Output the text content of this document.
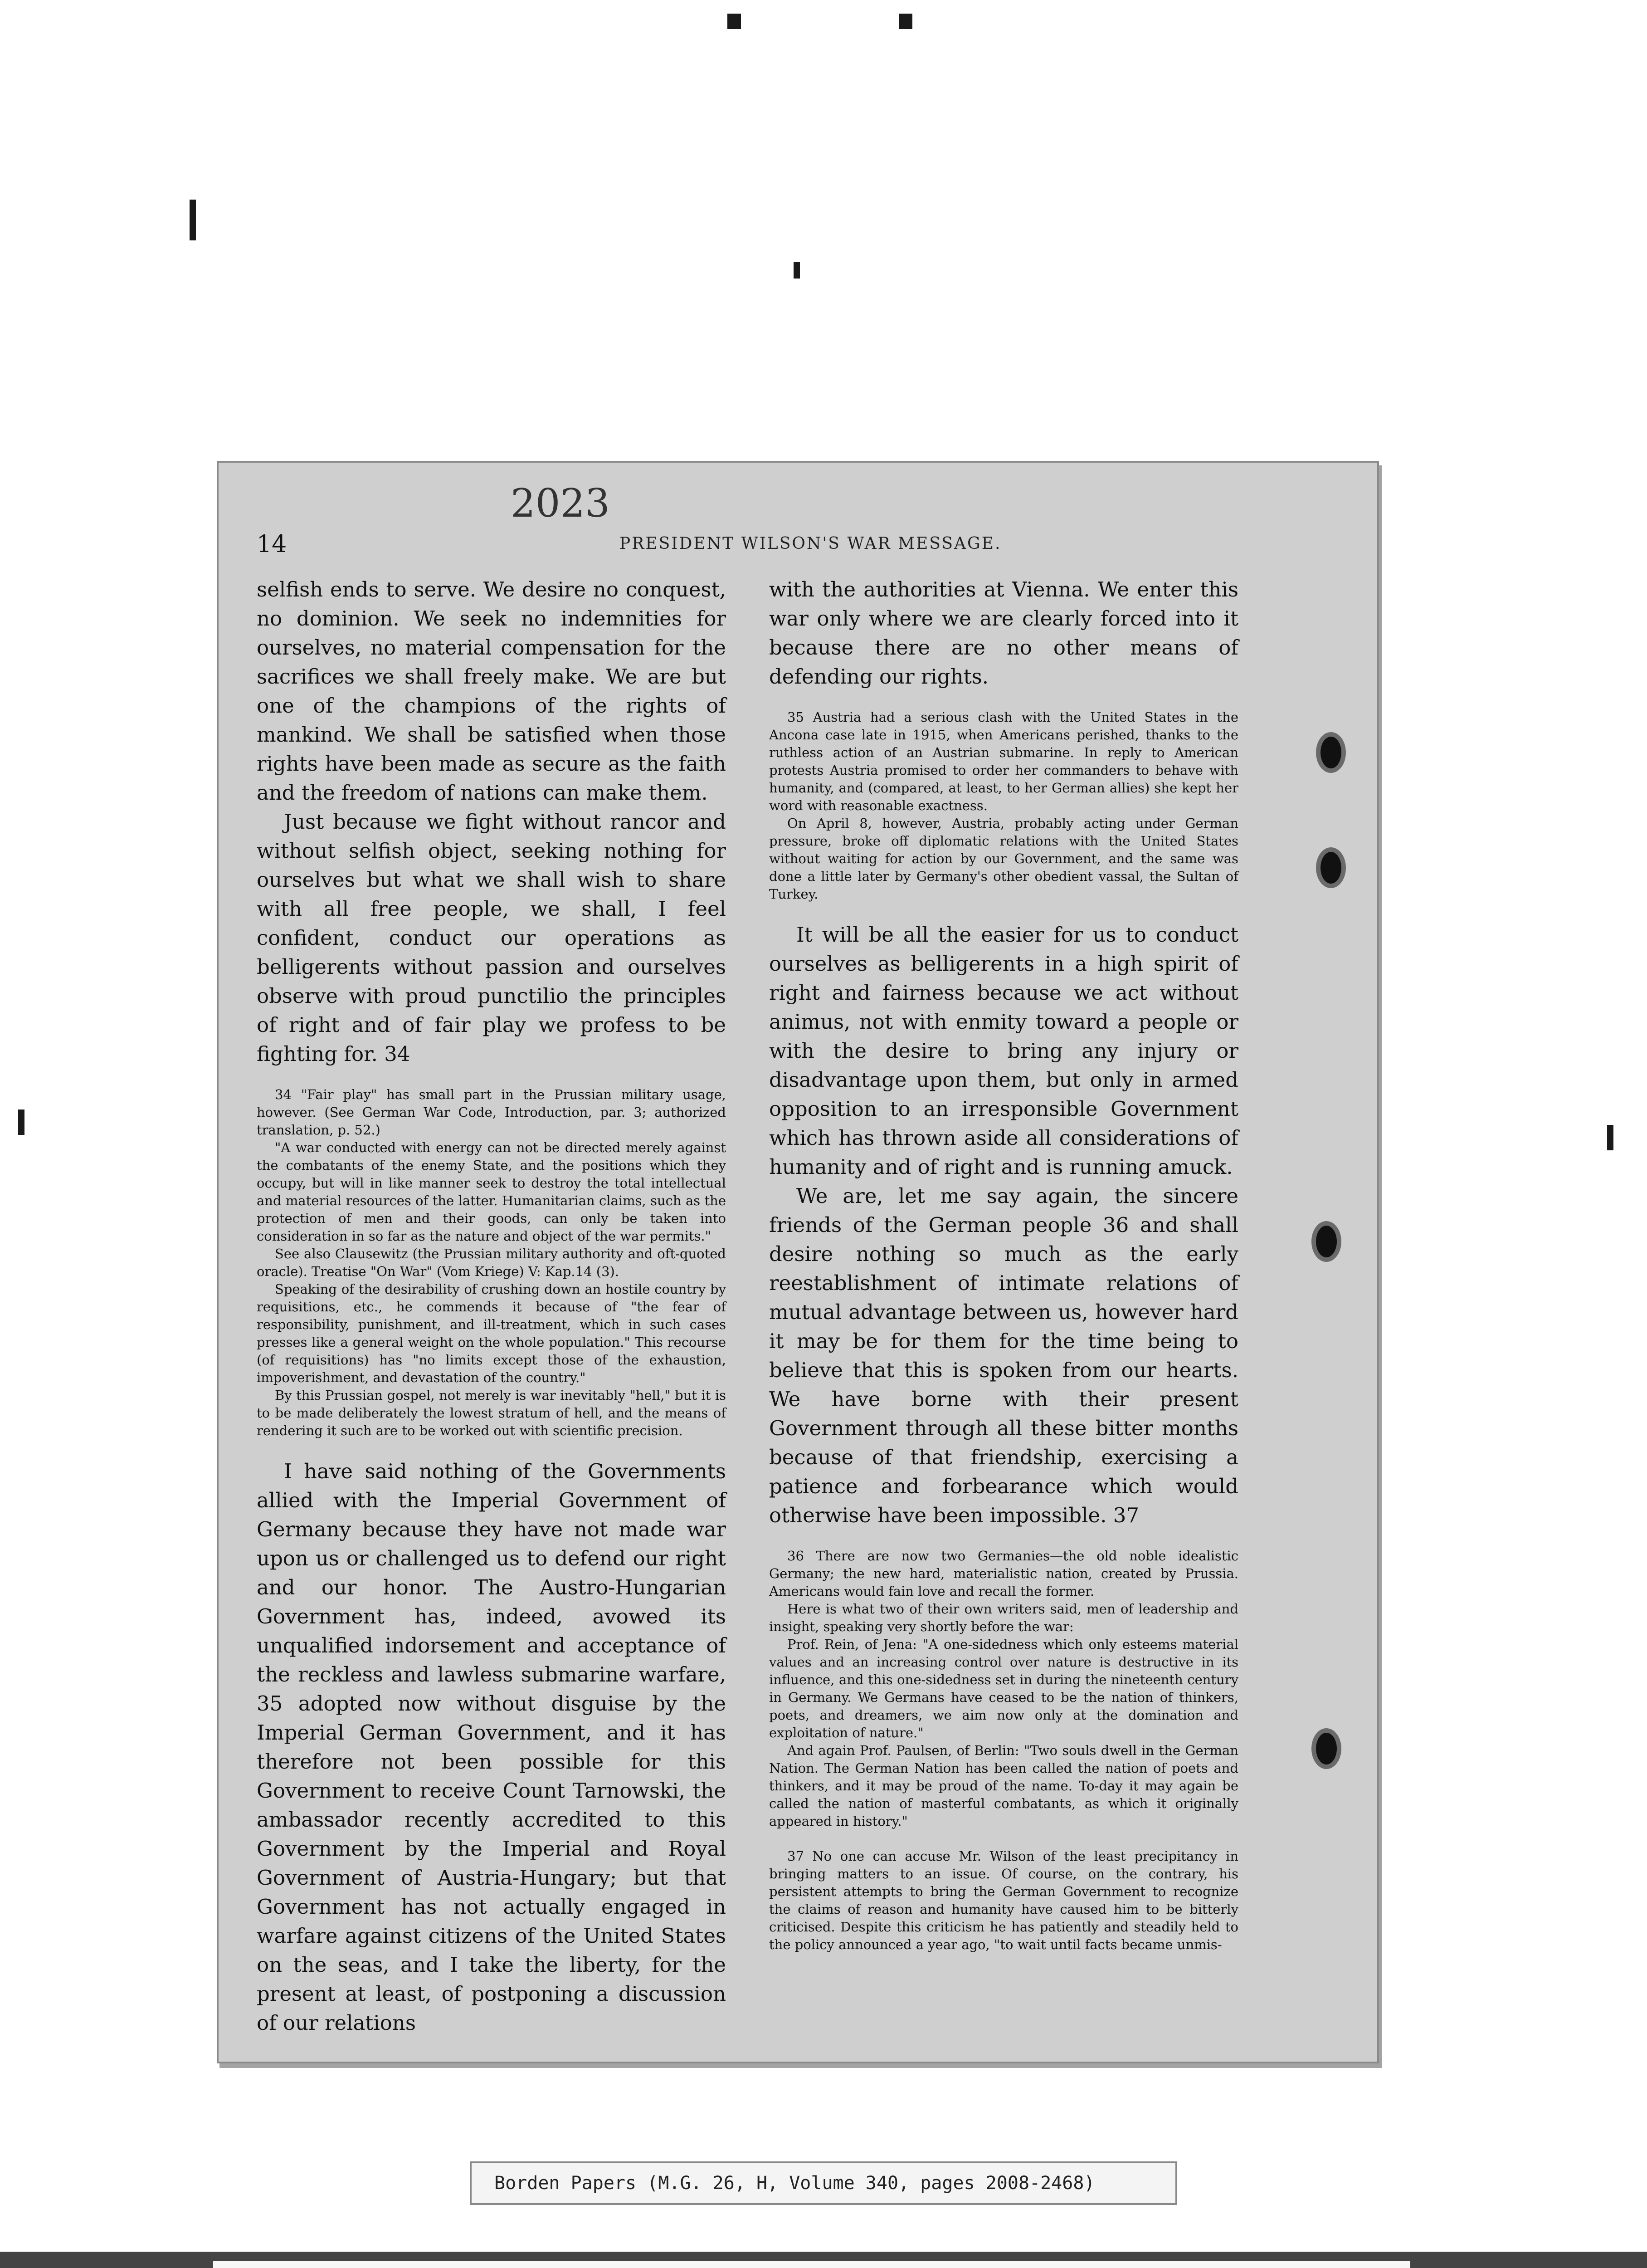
2023
14	PRESIDENT WILSON'S WAR MESSAGE.

selfish ends to serve. We desire no conquest, no dominion. We seek no indemnities for ourselves, no material compensation for the sacrifices we shall freely make. We are but one of the champions of the rights of mankind. We shall be satisfied when those rights have been made as secure as the faith and the freedom of nations can make them.

Just because we fight without rancor and without selfish object, seeking nothing for ourselves but what we shall wish to share with all free people, we shall, I feel confident, conduct our operations as belligerents without passion and ourselves observe with proud punctilio the principles of right and of fair play we profess to be fighting for. 34

34 "Fair play" has small part in the Prussian military usage, however. (See German War Code, Introduction, par. 3; authorized translation, p. 52.)

"A war conducted with energy can not be directed merely against the combatants of the enemy State, and the positions which they occupy, but will in like manner seek to destroy the total intellectual and material resources of the latter. Humanitarian claims, such as the protection of men and their goods, can only be taken into consideration in so far as the nature and object of the war permits."

See also Clausewitz (the Prussian military authority and oft-quoted oracle). Treatise "On War" (Vom Kriege) V: Kap.14 (3).

Speaking of the desirability of crushing down an hostile country by requisitions, etc., he commends it because of "the fear of responsibility, punishment, and ill-treatment, which in such cases presses like a general weight on the whole population." This recourse (of requisitions) has "no limits except those of the exhaustion, impoverishment, and devastation of the country."

By this Prussian gospel, not merely is war inevitably "hell," but it is to be made deliberately the lowest stratum of hell, and the means of rendering it such are to be worked out with scientific precision.

I have said nothing of the Governments allied with the Imperial Government of Germany because they have not made war upon us or challenged us to defend our right and our honor. The Austro-Hungarian Government has, indeed, avowed its unqualified indorsement and acceptance of the reckless and lawless submarine warfare, 35 adopted now without disguise by the Imperial German Government, and it has therefore not been possible for this Government to receive Count Tarnowski, the ambassador recently accredited to this Government by the Imperial and Royal Government of Austria-Hungary; but that Government has not actually engaged in warfare against citizens of the United States on the seas, and I take the liberty, for the present at least, of postponing a discussion of our relations

with the authorities at Vienna. We enter this war only where we are clearly forced into it because there are no other means of defending our rights.

35 Austria had a serious clash with the United States in the Ancona case late in 1915, when Americans perished, thanks to the ruthless action of an Austrian submarine. In reply to American protests Austria promised to order her commanders to behave with humanity, and (compared, at least, to her German allies) she kept her word with reasonable exactness.

On April 8, however, Austria, probably acting under German pressure, broke off diplomatic relations with the United States without waiting for action by our Government, and the same was done a little later by Germany's other obedient vassal, the Sultan of Turkey.

It will be all the easier for us to conduct ourselves as belligerents in a high spirit of right and fairness because we act without animus, not with enmity toward a people or with the desire to bring any injury or disadvantage upon them, but only in armed opposition to an irresponsible Government which has thrown aside all considerations of humanity and of right and is running amuck.

We are, let me say again, the sincere friends of the German people 36 and shall desire nothing so much as the early reestablishment of intimate relations of mutual advantage between us, however hard it may be for them for the time being to believe that this is spoken from our hearts. We have borne with their present Government through all these bitter months because of that friendship, exercising a patience and forbearance which would otherwise have been impossible. 37

36 There are now two Germanies—the old noble idealistic Germany; the new hard, materialistic nation, created by Prussia. Americans would fain love and recall the former.

Here is what two of their own writers said, men of leadership and insight, speaking very shortly before the war:

Prof. Rein, of Jena: "A one-sidedness which only esteems material values and an increasing control over nature is destructive in its influence, and this one-sidedness set in during the nineteenth century in Germany. We Germans have ceased to be the nation of thinkers, poets, and dreamers, we aim now only at the domination and exploitation of nature."

And again Prof. Paulsen, of Berlin: "Two souls dwell in the German Nation. The German Nation has been called the nation of poets and thinkers, and it may be proud of the name. To-day it may again be called the nation of masterful combatants, as which it originally appeared in history."

37 No one can accuse Mr. Wilson of the least precipitancy in bringing matters to an issue. Of course, on the contrary, his persistent attempts to bring the German Government to recognize the claims of reason and humanity have caused him to be bitterly criticised. Despite this criticism he has patiently and steadily held to the policy announced a year ago, "to wait until facts became unmis-

Borden Papers (M.G. 26, H, Volume 340, pages 2008-2468)
